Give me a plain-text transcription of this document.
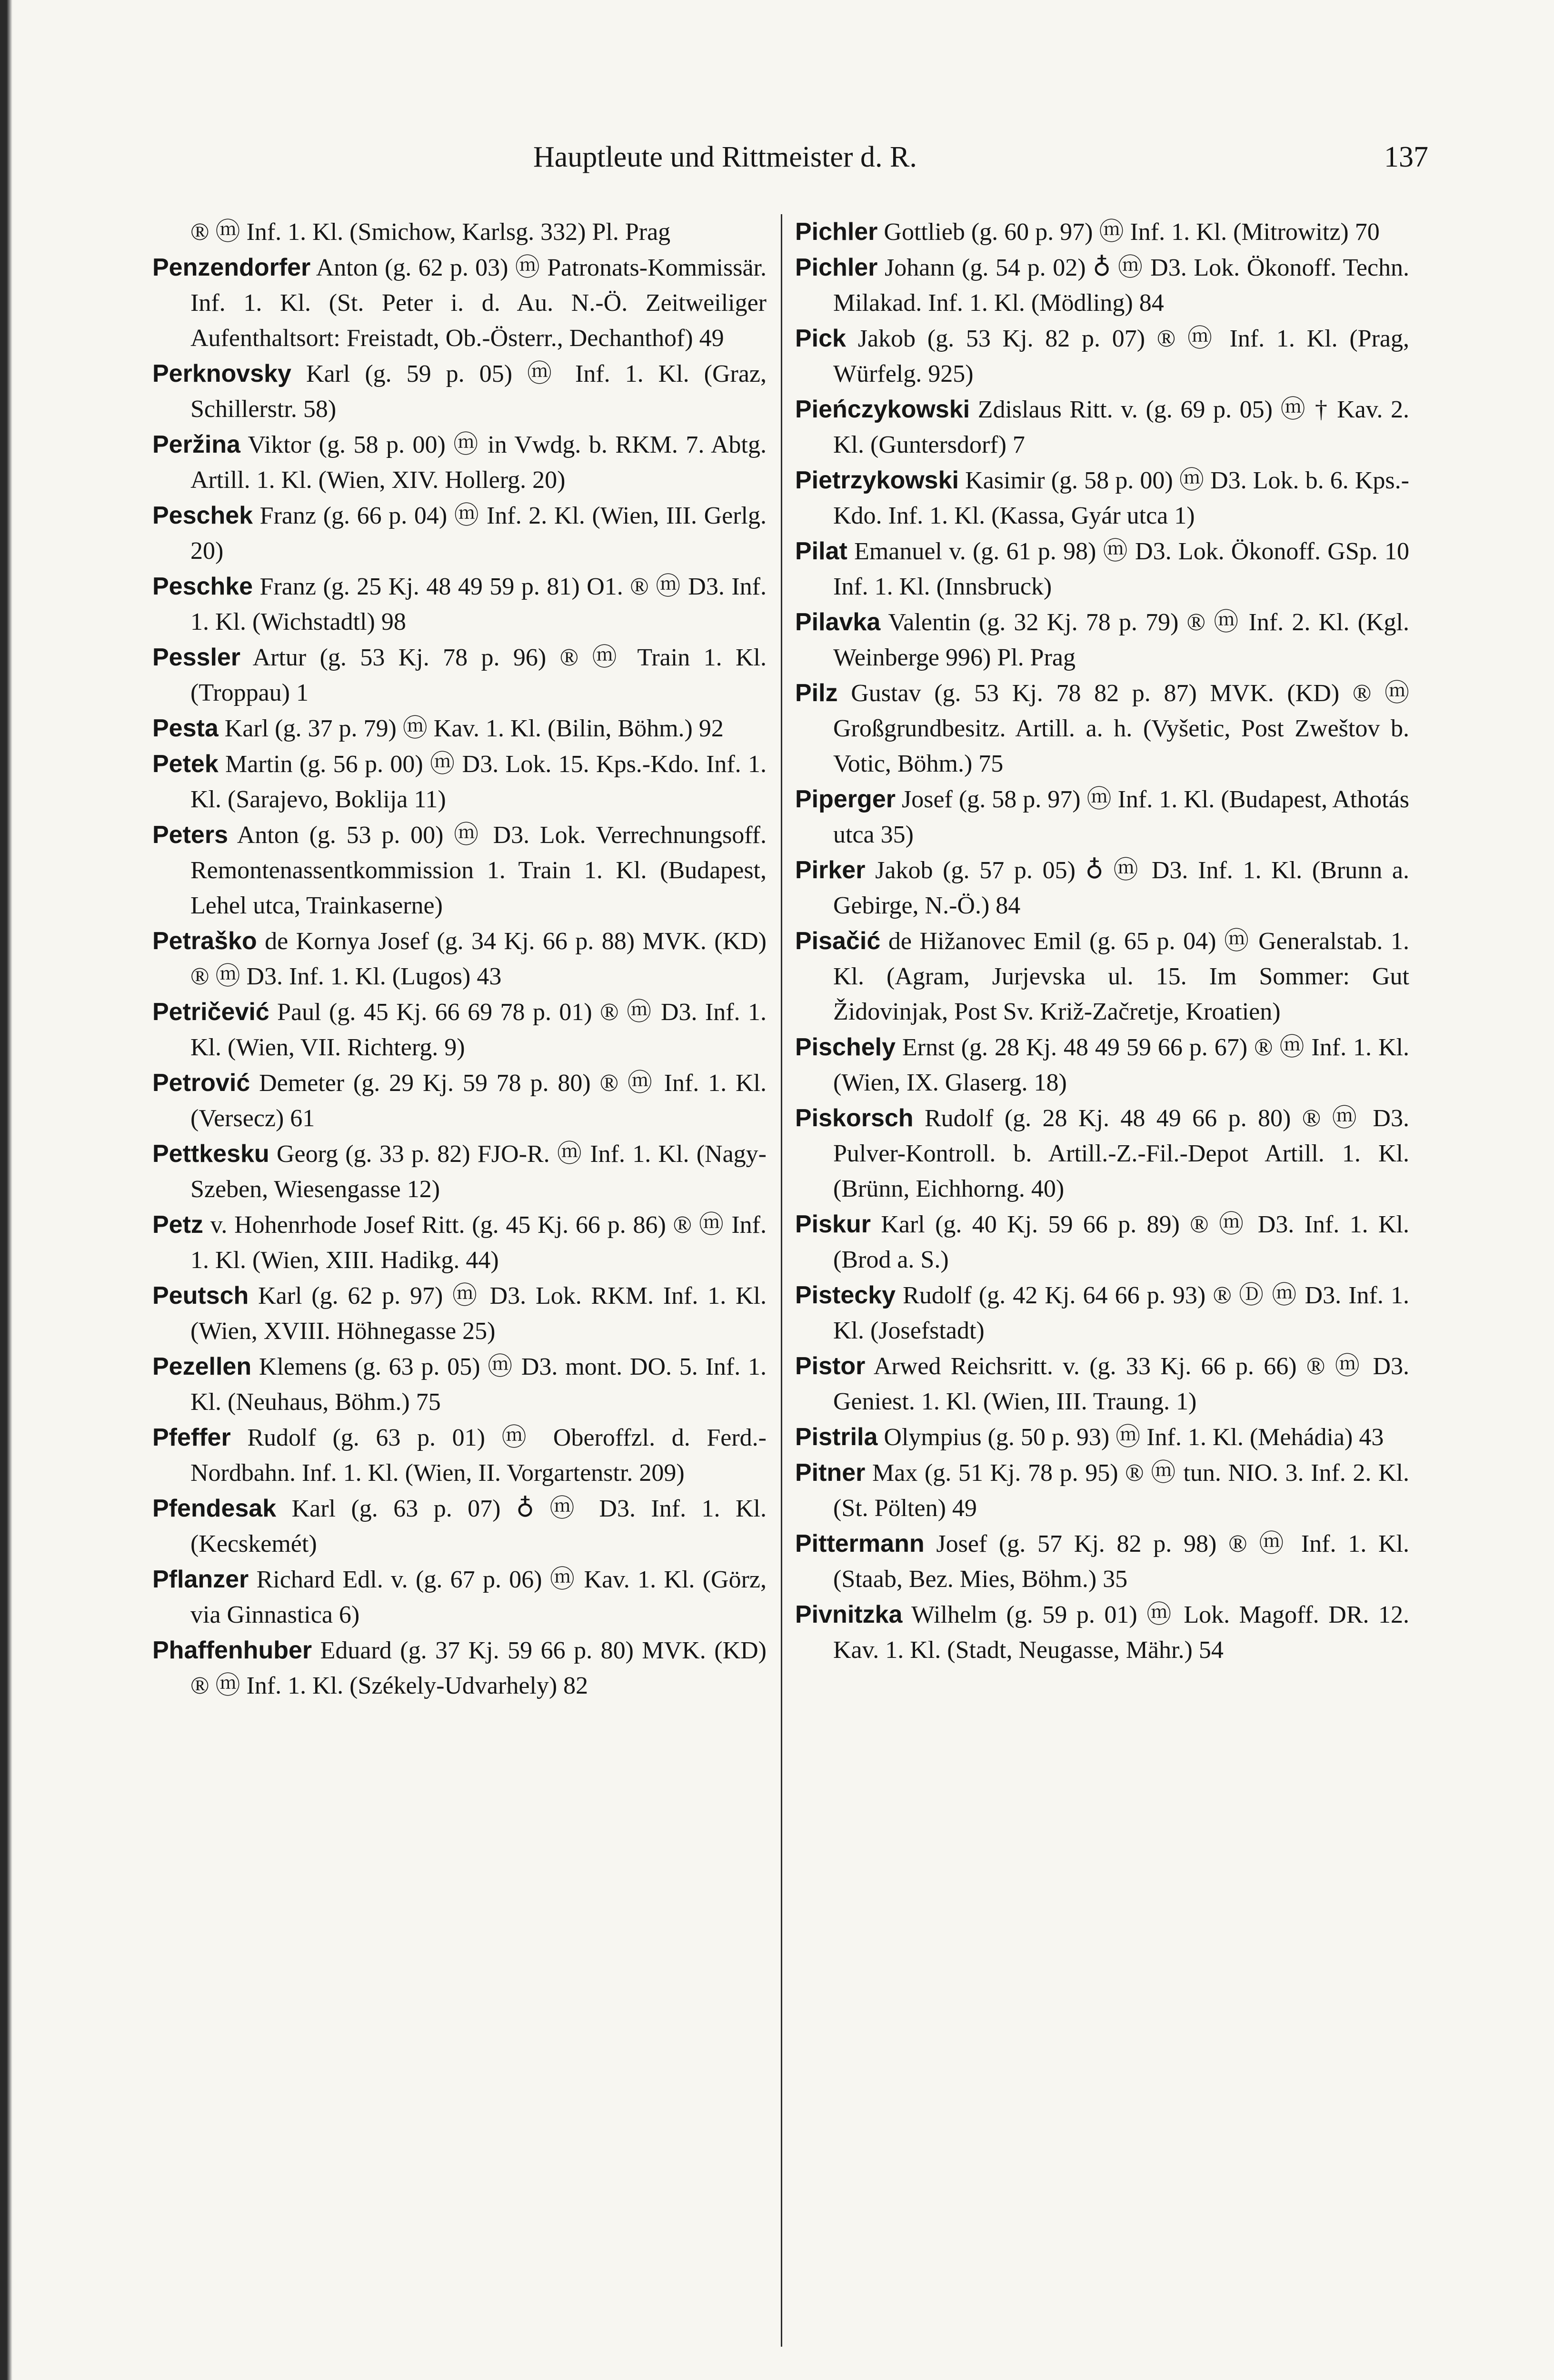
Hauptleute und Rittmeister d. R.	137
® ⓜ Inf. 1. Kl. (Smichow, Karlsg. 332) Pl. Prag
Penzendorfer Anton (g. 62 p. 03) ⓜ Patronats-Kommissär. Inf. 1. Kl. (St. Peter i. d. Au. N.-Ö. Zeitweiliger Aufenthaltsort: Freistadt, Ob.-Österr., Dechanthof) 49
Perknovsky Karl (g. 59 p. 05) ⓜ Inf. 1. Kl. (Graz, Schillerstr. 58)
Peržina Viktor (g. 58 p. 00) ⓜ in Vwdg. b. RKM. 7. Abtg. Artill. 1. Kl. (Wien, XIV. Hollerg. 20)
Peschek Franz (g. 66 p. 04) ⓜ Inf. 2. Kl. (Wien, III. Gerlg. 20)
Peschke Franz (g. 25 Kj. 48 49 59 p. 81) O1. ® ⓜ D3. Inf. 1. Kl. (Wichstadtl) 98
Pessler Artur (g. 53 Kj. 78 p. 96) ® ⓜ Train 1. Kl. (Troppau) 1
Pesta Karl (g. 37 p. 79) ⓜ Kav. 1. Kl. (Bilin, Böhm.) 92
Petek Martin (g. 56 p. 00) ⓜ D3. Lok. 15. Kps.-Kdo. Inf. 1. Kl. (Sarajevo, Boklija 11)
Peters Anton (g. 53 p. 00) ⓜ D3. Lok. Verrechnungsoff. Remontenassentkommission 1. Train 1. Kl. (Budapest, Lehel utca, Trainkaserne)
Petraško de Kornya Josef (g. 34 Kj. 66 p. 88) MVK. (KD) ® ⓜ D3. Inf. 1. Kl. (Lugos) 43
Petričević Paul (g. 45 Kj. 66 69 78 p. 01) ® ⓜ D3. Inf. 1. Kl. (Wien, VII. Richterg. 9)
Petrović Demeter (g. 29 Kj. 59 78 p. 80) ® ⓜ Inf. 1. Kl. (Versecz) 61
Pettkesku Georg (g. 33 p. 82) FJO-R. ⓜ Inf. 1. Kl. (Nagy-Szeben, Wiesengasse 12)
Petz v. Hohenrhode Josef Ritt. (g. 45 Kj. 66 p. 86) ® ⓜ Inf. 1. Kl. (Wien, XIII. Hadikg. 44)
Peutsch Karl (g. 62 p. 97) ⓜ D3. Lok. RKM. Inf. 1. Kl. (Wien, XVIII. Höhnegasse 25)
Pezellen Klemens (g. 63 p. 05) ⓜ D3. mont. DO. 5. Inf. 1. Kl. (Neuhaus, Böhm.) 75
Pfeffer Rudolf (g. 63 p. 01) ⓜ Oberoffzl. d. Ferd.-Nordbahn. Inf. 1. Kl. (Wien, II. Vorgartenstr. 209)
Pfendesak Karl (g. 63 p. 07) ♁ ⓜ D3. Inf. 1. Kl. (Kecskemét)
Pflanzer Richard Edl. v. (g. 67 p. 06) ⓜ Kav. 1. Kl. (Görz, via Ginnastica 6)
Phaffenhuber Eduard (g. 37 Kj. 59 66 p. 80) MVK. (KD) ® ⓜ Inf. 1. Kl. (Székely-Udvarhely) 82
Pichler Gottlieb (g. 60 p. 97) ⓜ Inf. 1. Kl. (Mitrowitz) 70
Pichler Johann (g. 54 p. 02) ♁ ⓜ D3. Lok. Ökonoff. Techn. Milakad. Inf. 1. Kl. (Mödling) 84
Pick Jakob (g. 53 Kj. 82 p. 07) ® ⓜ Inf. 1. Kl. (Prag, Würfelg. 925)
Pieńczykowski Zdislaus Ritt. v. (g. 69 p. 05) ⓜ † Kav. 2. Kl. (Guntersdorf) 7
Pietrzykowski Kasimir (g. 58 p. 00) ⓜ D3. Lok. b. 6. Kps.-Kdo. Inf. 1. Kl. (Kassa, Gyár utca 1)
Pilat Emanuel v. (g. 61 p. 98) ⓜ D3. Lok. Ökonoff. GSp. 10 Inf. 1. Kl. (Innsbruck)
Pilavka Valentin (g. 32 Kj. 78 p. 79) ® ⓜ Inf. 2. Kl. (Kgl. Weinberge 996) Pl. Prag
Pilz Gustav (g. 53 Kj. 78 82 p. 87) MVK. (KD) ® ⓜ Großgrundbesitz. Artill. a. h. (Vyšetic, Post Zweštov b. Votic, Böhm.) 75
Piperger Josef (g. 58 p. 97) ⓜ Inf. 1. Kl. (Budapest, Athotás utca 35)
Pirker Jakob (g. 57 p. 05) ♁ ⓜ D3. Inf. 1. Kl. (Brunn a. Gebirge, N.-Ö.) 84
Pisačić de Hižanovec Emil (g. 65 p. 04) ⓜ Generalstab. 1. Kl. (Agram, Jurjevska ul. 15. Im Sommer: Gut Židovinjak, Post Sv. Križ-Začretje, Kroatien)
Pischely Ernst (g. 28 Kj. 48 49 59 66 p. 67) ® ⓜ Inf. 1. Kl. (Wien, IX. Glaserg. 18)
Piskorsch Rudolf (g. 28 Kj. 48 49 66 p. 80) ® ⓜ D3. Pulver-Kontroll. b. Artill.-Z.-Fil.-Depot Artill. 1. Kl. (Brünn, Eichhorng. 40)
Piskur Karl (g. 40 Kj. 59 66 p. 89) ® ⓜ D3. Inf. 1. Kl. (Brod a. S.)
Pistecky Rudolf (g. 42 Kj. 64 66 p. 93) ® Ⓓ ⓜ D3. Inf. 1. Kl. (Josefstadt)
Pistor Arwed Reichsritt. v. (g. 33 Kj. 66 p. 66) ® ⓜ D3. Geniest. 1. Kl. (Wien, III. Traung. 1)
Pistrila Olympius (g. 50 p. 93) ⓜ Inf. 1. Kl. (Mehádia) 43
Pitner Max (g. 51 Kj. 78 p. 95) ® ⓜ tun. NIO. 3. Inf. 2. Kl. (St. Pölten) 49
Pittermann Josef (g. 57 Kj. 82 p. 98) ® ⓜ Inf. 1. Kl. (Staab, Bez. Mies, Böhm.) 35
Pivnitzka Wilhelm (g. 59 p. 01) ⓜ Lok. Magoff. DR. 12. Kav. 1. Kl. (Stadt, Neugasse, Mähr.) 54
